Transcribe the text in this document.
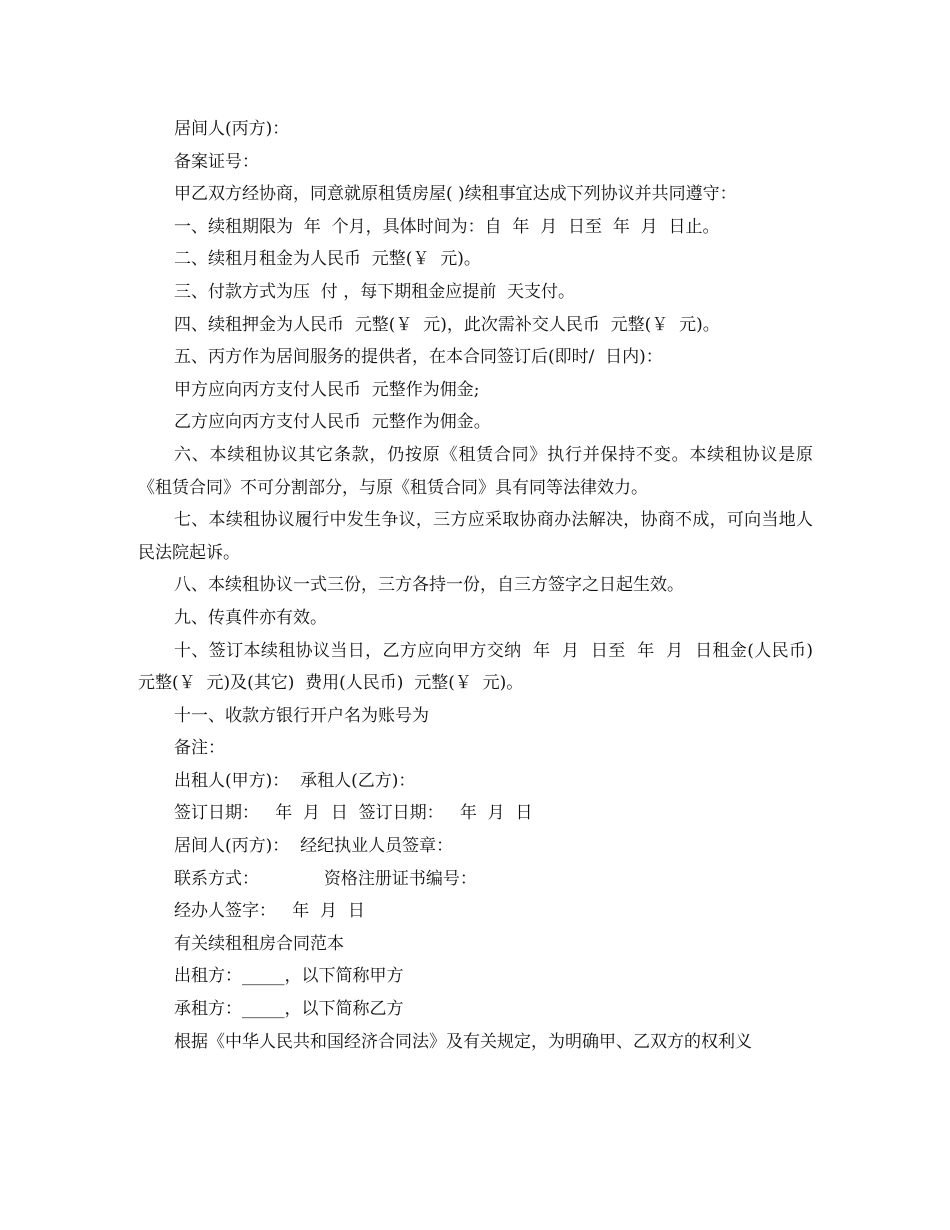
居间人(丙方)：

备案证号：

甲乙双方经协商，同意就原租赁房屋( )续租事宜达成下列协议并共同遵守：

一、续租期限为  年  个月，具体时间为：自  年  月  日至  年  月  日止。

二、续租月租金为人民币  元整(￥  元)。

三、付款方式为压  付 ，每下期租金应提前  天支付。

四、续租押金为人民币  元整(￥  元)，此次需补交人民币  元整(￥  元)。

五、丙方作为居间服务的提供者，在本合同签订后(即时/  日内)：

甲方应向丙方支付人民币  元整作为佣金;

乙方应向丙方支付人民币  元整作为佣金。

六、本续租协议其它条款，仍按原《租赁合同》执行并保持不变。本续租协议是原《租赁合同》不可分割部分，与原《租赁合同》具有同等法律效力。

七、本续租协议履行中发生争议，三方应采取协商办法解决，协商不成，可向当地人民法院起诉。

八、本续租协议一式三份，三方各持一份，自三方签字之日起生效。

九、传真件亦有效。

十、签订本续租协议当日，乙方应向甲方交纳  年  月  日至  年  月  日租金(人民币)  元整(￥  元)及(其它)  费用(人民币)  元整(￥  元)。

十一、收款方银行开户名为账号为

备注：

出租人(甲方)：  承租人(乙方)：

签订日期：   年  月  日  签订日期：   年  月  日

居间人(丙方)：  经纪执业人员签章：

联系方式：            资格注册证书编号：

经办人签字：   年  月  日

有关续租租房合同范本

出租方：_____，以下简称甲方

承租方：_____，以下简称乙方

根据《中华人民共和国经济合同法》及有关规定，为明确甲、乙双方的权利义
